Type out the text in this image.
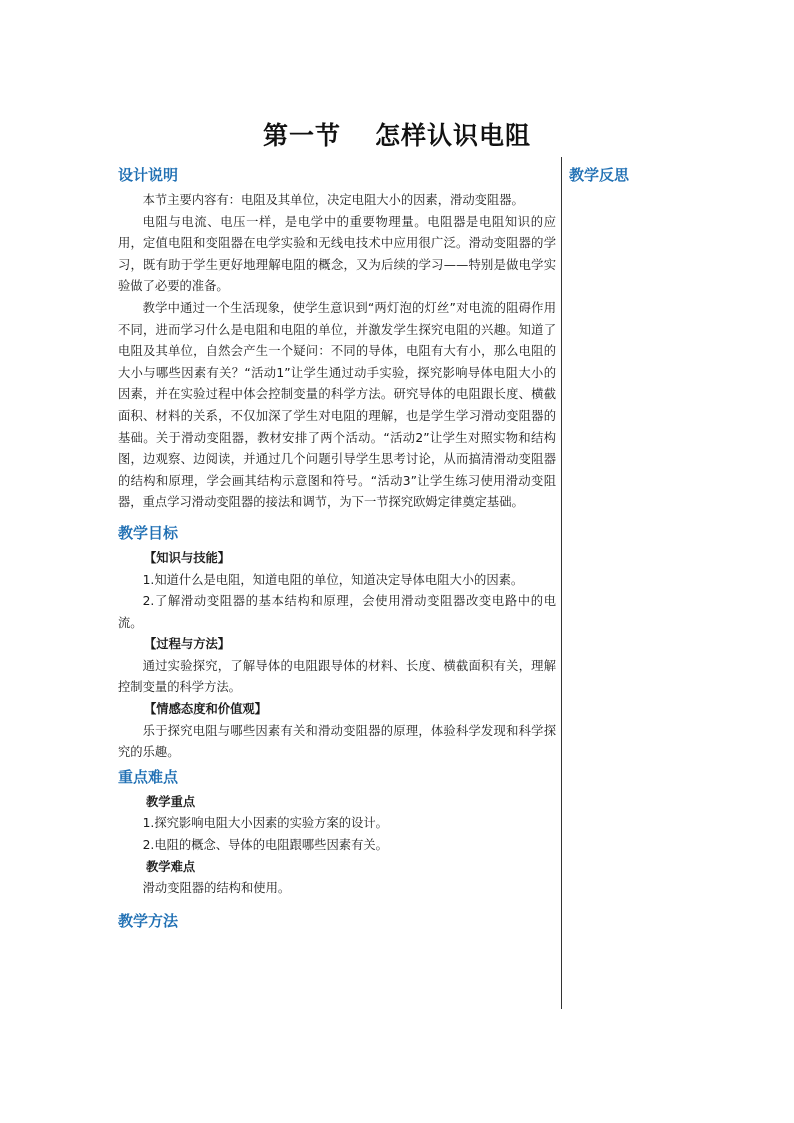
第一节 怎样认识电阻
教学反思
设计说明

本节主要内容有：电阻及其单位，决定电阻大小的因素，滑动变阻器。

电阻与电流、电压一样，是电学中的重要物理量。电阻器是电阻知识的应用，定值电阻和变阻器在电学实验和无线电技术中应用很广泛。滑动变阻器的学习，既有助于学生更好地理解电阻的概念，又为后续的学习——特别是做电学实验做了必要的准备。

教学中通过一个生活现象，使学生意识到“两灯泡的灯丝”对电流的阻碍作用不同，进而学习什么是电阻和电阻的单位，并激发学生探究电阻的兴趣。知道了电阻及其单位，自然会产生一个疑问：不同的导体，电阻有大有小，那么电阻的大小与哪些因素有关？“活动1”让学生通过动手实验，探究影响导体电阻大小的因素，并在实验过程中体会控制变量的科学方法。研究导体的电阻跟长度、横截面积、材料的关系，不仅加深了学生对电阻的理解，也是学生学习滑动变阻器的基础。关于滑动变阻器，教材安排了两个活动。“活动2”让学生对照实物和结构图，边观察、边阅读，并通过几个问题引导学生思考讨论，从而搞清滑动变阻器的结构和原理，学会画其结构示意图和符号。“活动3”让学生练习使用滑动变阻器，重点学习滑动变阻器的接法和调节，为下一节探究欧姆定律奠定基础。

教学目标
【知识与技能】

1.知道什么是电阻，知道电阻的单位，知道决定导体电阻大小的因素。

2.了解滑动变阻器的基本结构和原理，会使用滑动变阻器改变电路中的电流。

【过程与方法】

通过实验探究，了解导体的电阻跟导体的材料、长度、横截面积有关，理解控制变量的科学方法。

【情感态度和价值观】

乐于探究电阻与哪些因素有关和滑动变阻器的原理，体验科学发现和科学探究的乐趣。

重点难点
教学重点

1.探究影响电阻大小因素的实验方案的设计。

2.电阻的概念、导体的电阻跟哪些因素有关。

教学难点

滑动变阻器的结构和使用。

教学方法
